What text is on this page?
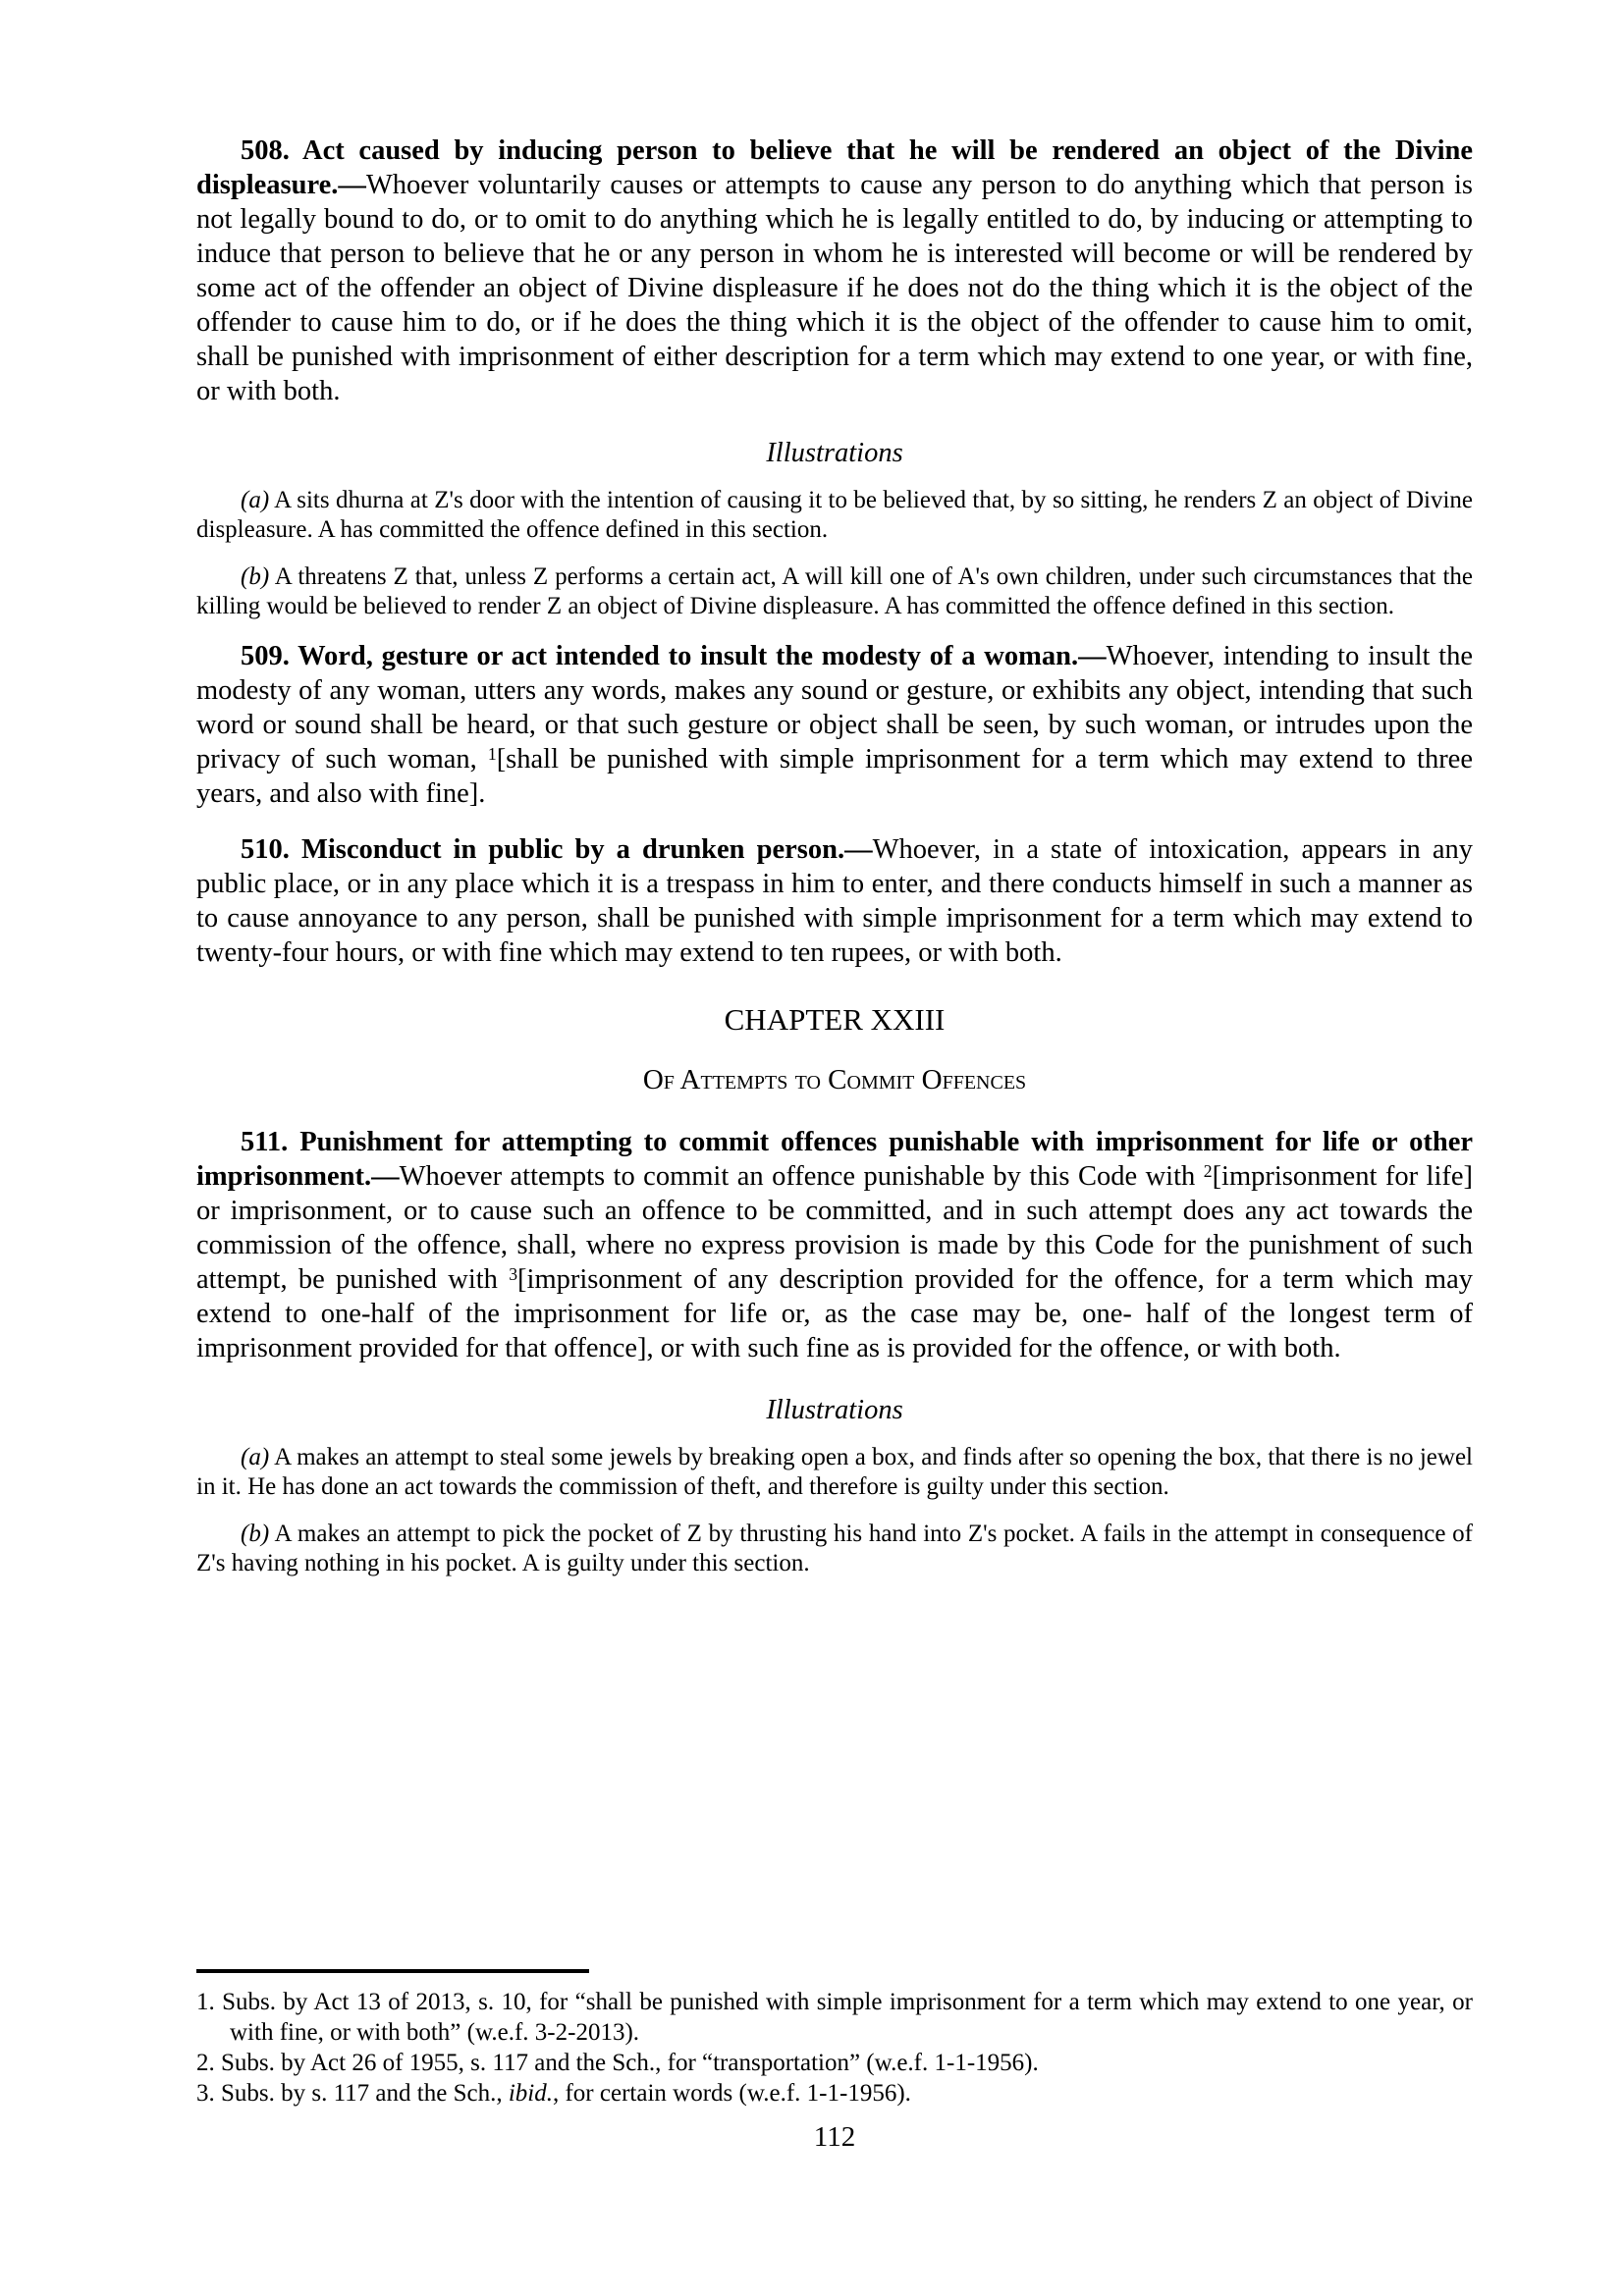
508. Act caused by inducing person to believe that he will be rendered an object of the Divine displeasure.—Whoever voluntarily causes or attempts to cause any person to do anything which that person is not legally bound to do, or to omit to do anything which he is legally entitled to do, by inducing or attempting to induce that person to believe that he or any person in whom he is interested will become or will be rendered by some act of the offender an object of Divine displeasure if he does not do the thing which it is the object of the offender to cause him to do, or if he does the thing which it is the object of the offender to cause him to omit, shall be punished with imprisonment of either description for a term which may extend to one year, or with fine, or with both.

Illustrations

(a) A sits dhurna at Z's door with the intention of causing it to be believed that, by so sitting, he renders Z an object of Divine displeasure. A has committed the offence defined in this section.

(b) A threatens Z that, unless Z performs a certain act, A will kill one of A's own children, under such circumstances that the killing would be believed to render Z an object of Divine displeasure. A has committed the offence defined in this section.

509. Word, gesture or act intended to insult the modesty of a woman.—Whoever, intending to insult the modesty of any woman, utters any words, makes any sound or gesture, or exhibits any object, intending that such word or sound shall be heard, or that such gesture or object shall be seen, by such woman, or intrudes upon the privacy of such woman, $^1$[shall be punished with simple imprisonment for a term which may extend to three years, and also with fine].

510. Misconduct in public by a drunken person.—Whoever, in a state of intoxication, appears in any public place, or in any place which it is a trespass in him to enter, and there conducts himself in such a manner as to cause annoyance to any person, shall be punished with simple imprisonment for a term which may extend to twenty-four hours, or with fine which may extend to ten rupees, or with both.

CHAPTER XXIII

Of Attempts to Commit Offences

511. Punishment for attempting to commit offences punishable with imprisonment for life or other imprisonment.—Whoever attempts to commit an offence punishable by this Code with $^2$[imprisonment for life] or imprisonment, or to cause such an offence to be committed, and in such attempt does any act towards the commission of the offence, shall, where no express provision is made by this Code for the punishment of such attempt, be punished with $^3$[imprisonment of any description provided for the offence, for a term which may extend to one-half of the imprisonment for life or, as the case may be, one- half of the longest term of imprisonment provided for that offence], or with such fine as is provided for the offence, or with both.

Illustrations

(a) A makes an attempt to steal some jewels by breaking open a box, and finds after so opening the box, that there is no jewel in it. He has done an act towards the commission of theft, and therefore is guilty under this section.

(b) A makes an attempt to pick the pocket of Z by thrusting his hand into Z's pocket. A fails in the attempt in consequence of Z's having nothing in his pocket. A is guilty under this section.

1. Subs. by Act 13 of 2013, s. 10, for “shall be punished with simple imprisonment for a term which may extend to one year, or with fine, or with both” (w.e.f. 3-2-2013).
2. Subs. by Act 26 of 1955, s. 117 and the Sch., for “transportation” (w.e.f. 1-1-1956).
3. Subs. by s. 117 and the Sch., ibid., for certain words (w.e.f. 1-1-1956).
112
